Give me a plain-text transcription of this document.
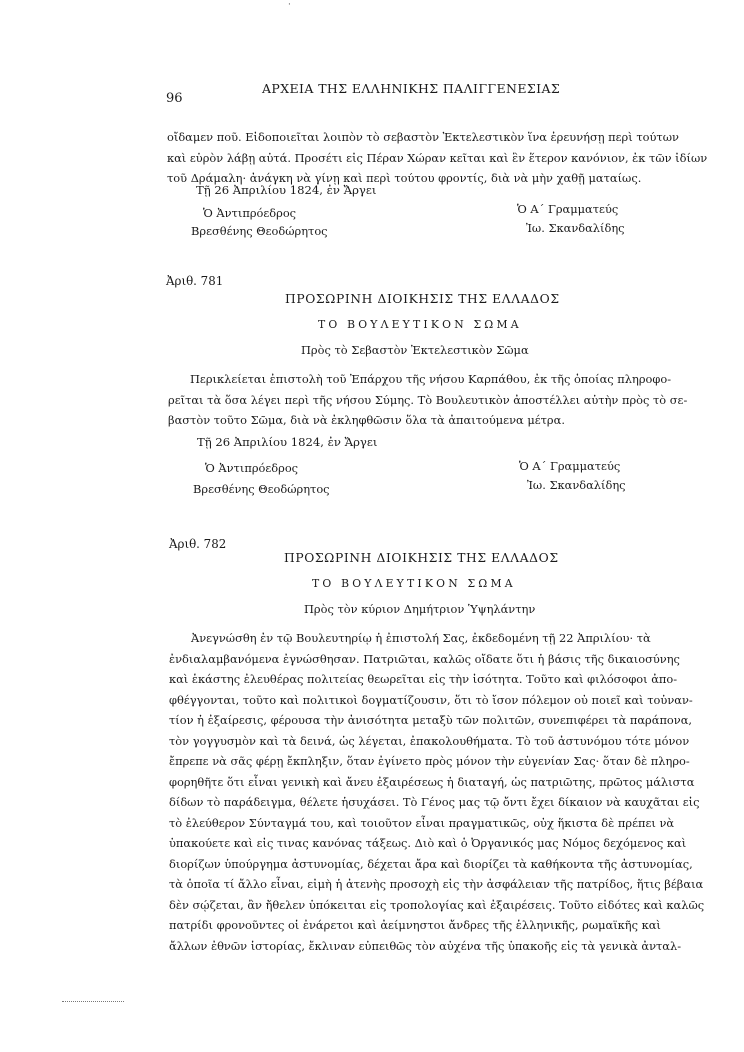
·
96
ΑΡΧΕΙΑ ΤΗΣ ΕΛΛΗΝΙΚΗΣ ΠΑΛΙΓΓΕΝΕΣΙΑΣ
οἴδαμεν ποῦ. Εἰδοποιεῖται λοιπὸν τὸ σεβαστὸν Ἐκτελεστικὸν ἵνα ἐρευνήσῃ περὶ τούτων
καὶ εὑρὸν λάβῃ αὐτά. Προσέτι εἰς Πέραν Χώραν κεῖται καὶ ἓν ἕτερον κανόνιον, ἐκ τῶν ἰδίων
τοῦ Δράμαλη· ἀνάγκη νὰ γίνῃ καὶ περὶ τούτου φροντίς, διὰ νὰ μὴν χαθῇ ματαίως.
Τῇ 26 Ἀπριλίου 1824, ἐν Ἄργει
Ὁ Ἀντιπρόεδρος
Βρεσθένης Θεοδώρητος
Ὁ Α΄ Γραμματεύς
Ἰω. Σκανδαλίδης
Ἀριθ. 781
ΠΡΟΣΩΡΙΝΗ ΔΙΟΙΚΗΣΙΣ ΤΗΣ ΕΛΛΑΔΟΣ
ΤΟ ΒΟΥΛΕΥΤΙΚΟΝ ΣΩΜΑ
Πρὸς τὸ Σεβαστὸν Ἐκτελεστικὸν Σῶμα
Περικλείεται ἐπιστολὴ τοῦ Ἐπάρχου τῆς νήσου Καρπάθου, ἐκ τῆς ὁποίας πληροφο-
ρεῖται τὰ ὅσα λέγει περὶ τῆς νήσου Σύμης. Τὸ Βουλευτικὸν ἀποστέλλει αὐτὴν πρὸς τὸ σε-
βαστὸν τοῦτο Σῶμα, διὰ νὰ ἐκληφθῶσιν ὅλα τὰ ἀπαιτούμενα μέτρα.
Τῇ 26 Ἀπριλίου 1824, ἐν Ἄργει
Ὁ Ἀντιπρόεδρος
Βρεσθένης Θεοδώρητος
Ὁ Α΄ Γραμματεύς
Ἰω. Σκανδαλίδης
Ἀριθ. 782
ΠΡΟΣΩΡΙΝΗ ΔΙΟΙΚΗΣΙΣ ΤΗΣ ΕΛΛΑΔΟΣ
ΤΟ ΒΟΥΛΕΥΤΙΚΟΝ ΣΩΜΑ
Πρὸς τὸν κύριον Δημήτριον Ὑψηλάντην
Ἀνεγνώσθη ἐν τῷ Βουλευτηρίῳ ἡ ἐπιστολή Σας, ἐκδεδομένη τῇ 22 Ἀπριλίου· τὰ
ἐνδιαλαμβανόμενα ἐγνώσθησαν. Πατριῶται, καλῶς οἴδατε ὅτι ἡ βάσις τῆς δικαιοσύνης
καὶ ἑκάστης ἐλευθέρας πολιτείας θεωρεῖται εἰς τὴν ἰσότητα. Τοῦτο καὶ φιλόσοφοι ἀπο-
φθέγγονται, τοῦτο καὶ πολιτικοὶ δογματίζουσιν, ὅτι τὸ ἴσον πόλεμον οὐ ποιεῖ καὶ τοὐναν-
τίον ἡ ἐξαίρεσις, φέρουσα τὴν ἀνισότητα μεταξὺ τῶν πολιτῶν, συνεπιφέρει τὰ παράπονα,
τὸν γογγυσμὸν καὶ τὰ δεινά, ὡς λέγεται, ἐπακολουθήματα. Τὸ τοῦ ἀστυνόμου τότε μόνον
ἔπρεπε νὰ σᾶς φέρῃ ἔκπληξιν, ὅταν ἐγίνετο πρὸς μόνον τὴν εὐγενίαν Σας· ὅταν δὲ πληρο-
φορηθῆτε ὅτι εἶναι γενικὴ καὶ ἄνευ ἐξαιρέσεως ἡ διαταγή, ὡς πατριῶτης, πρῶτος μάλιστα
δίδων τὸ παράδειγμα, θέλετε ἡσυχάσει. Τὸ Γένος μας τῷ ὄντι ἔχει δίκαιον νὰ καυχᾶται εἰς
τὸ ἐλεύθερον Σύνταγμά του, καὶ τοιοῦτον εἶναι πραγματικῶς, οὐχ ἥκιστα δὲ πρέπει νὰ
ὑπακούετε καὶ εἰς τινας κανόνας τάξεως. Διὸ καὶ ὁ Ὀργανικός μας Νόμος δεχόμενος καὶ
διορίζων ὑπούργημα ἀστυνομίας, δέχεται ἄρα καὶ διορίζει τὰ καθήκοντα τῆς ἀστυνομίας,
τὰ ὁποῖα τί ἄλλο εἶναι, εἰμὴ ἡ ἀτενὴς προσοχὴ εἰς τὴν ἀσφάλειαν τῆς πατρίδος, ἥτις βέβαια
δὲν σῴζεται, ἂν ἤθελεν ὑπόκειται εἰς τροπολογίας καὶ ἐξαιρέσεις. Τοῦτο εἰδότες καὶ καλῶς
πατρίδι φρονοῦντες οἱ ἐνάρετοι καὶ ἀείμνηστοι ἄνδρες τῆς ἑλληνικῆς, ρωμαϊκῆς καὶ
ἄλλων ἐθνῶν ἱστορίας, ἔκλιναν εὐπειθῶς τὸν αὐχένα τῆς ὑπακοῆς εἰς τὰ γενικὰ ἀνταλ-
